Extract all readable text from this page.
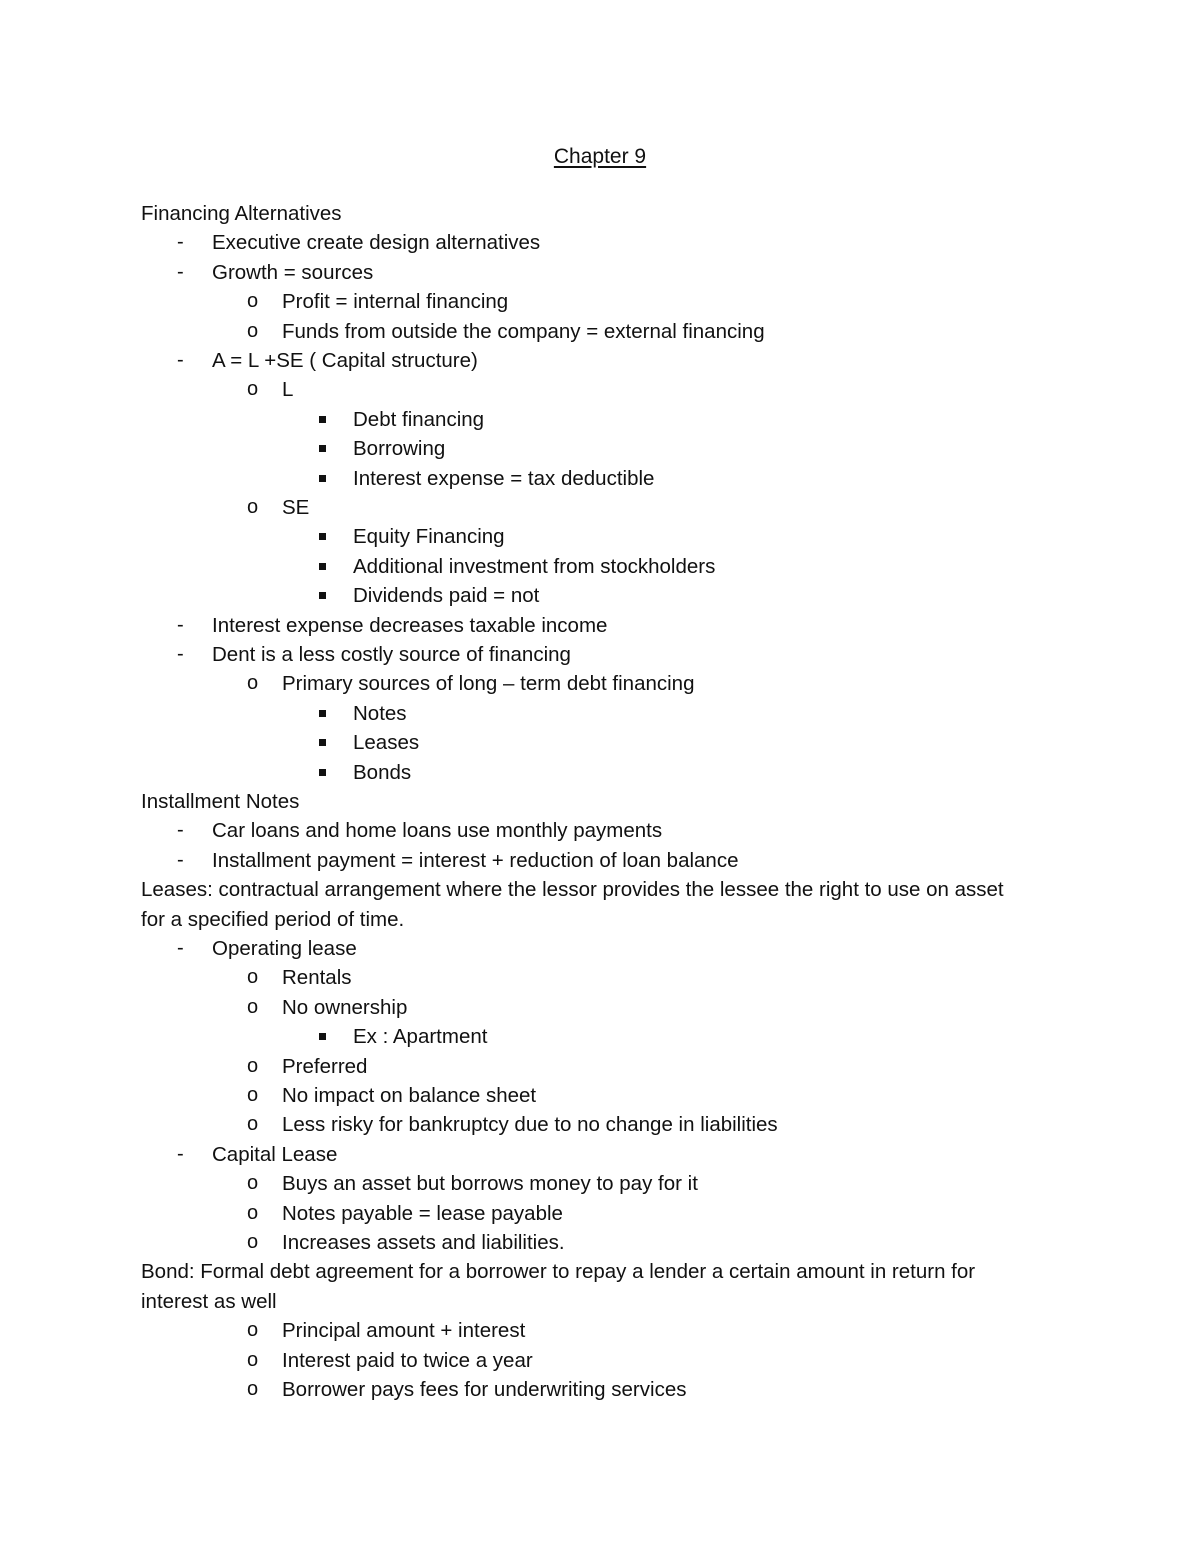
Chapter 9
Financing Alternatives
- Executive create design alternatives
- Growth = sources
o Profit = internal financing
o Funds from outside the company = external financing
- A = L +SE ( Capital structure)
o L
Debt financing
Borrowing
Interest expense = tax deductible
o SE
Equity Financing
Additional investment from stockholders
Dividends paid = not
- Interest expense decreases taxable income
- Dent is a less costly source of financing
o Primary sources of long – term debt financing
Notes
Leases
Bonds
Installment Notes
- Car loans and home loans use monthly payments
- Installment payment = interest + reduction of loan balance
Leases: contractual arrangement where the lessor provides the lessee the right to use on asset
for a specified period of time.
- Operating lease
o Rentals
o No ownership
Ex : Apartment
o Preferred
o No impact on balance sheet
o Less risky for bankruptcy due to no change in liabilities
- Capital Lease
o Buys an asset but borrows money to pay for it
o Notes payable = lease payable
o Increases assets and liabilities.
Bond: Formal debt agreement for a borrower to repay a lender a certain amount in return for
interest as well
o Principal amount + interest
o Interest paid to twice a year
o Borrower pays fees for underwriting services
